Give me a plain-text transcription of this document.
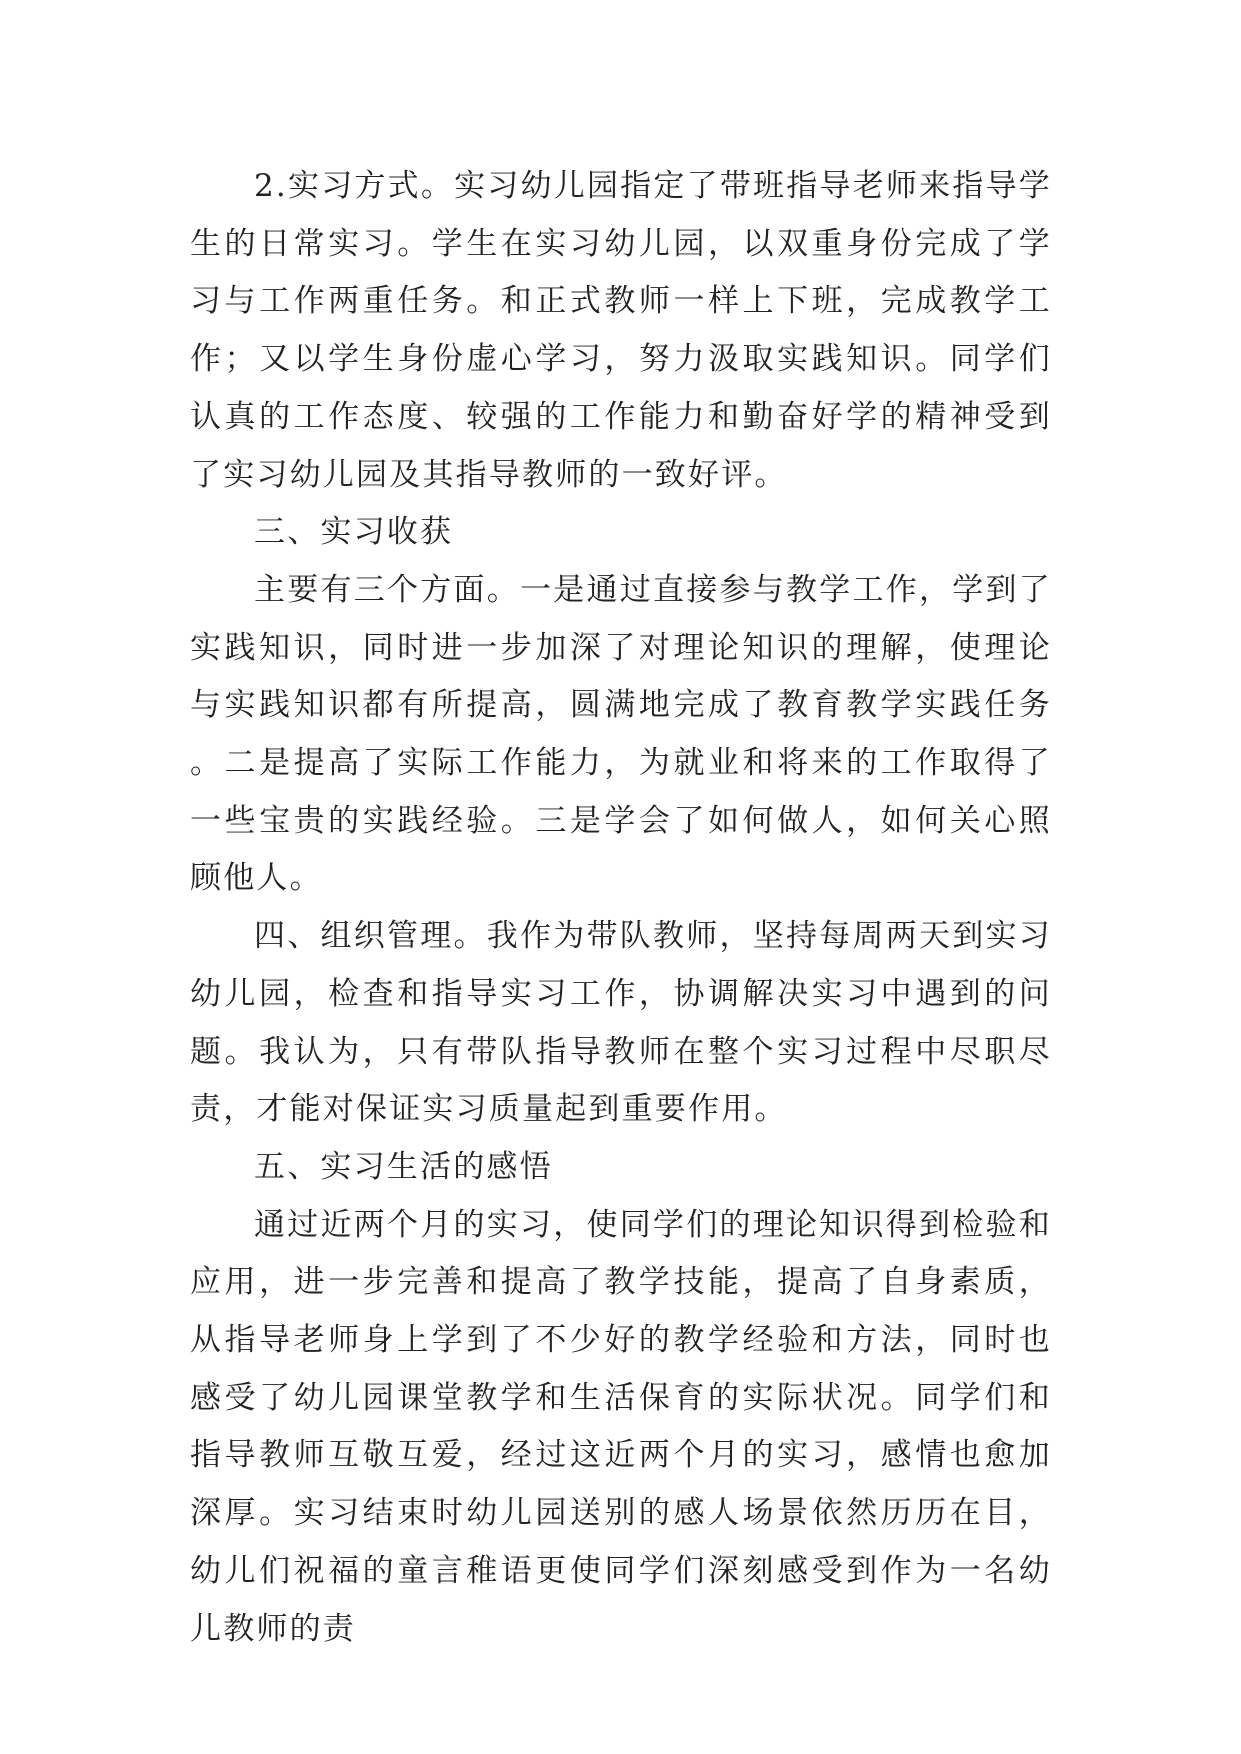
2.实习方式。实习幼儿园指定了带班指导老师来指导学生的日常实习。学生在实习幼儿园，以双重身份完成了学习与工作两重任务。和正式教师一样上下班，完成教学工作；又以学生身份虚心学习，努力汲取实践知识。同学们认真的工作态度、较强的工作能力和勤奋好学的精神受到了实习幼儿园及其指导教师的一致好评。

三、实习收获

主要有三个方面。一是通过直接参与教学工作，学到了实践知识，同时进一步加深了对理论知识的理解，使理论与实践知识都有所提高，圆满地完成了教育教学实践任务。二是提高了实际工作能力，为就业和将来的工作取得了一些宝贵的实践经验。三是学会了如何做人，如何关心照顾他人。

四、组织管理。我作为带队教师，坚持每周两天到实习幼儿园，检查和指导实习工作，协调解决实习中遇到的问题。我认为，只有带队指导教师在整个实习过程中尽职尽责，才能对保证实习质量起到重要作用。

五、实习生活的感悟

通过近两个月的实习，使同学们的理论知识得到检验和应用，进一步完善和提高了教学技能，提高了自身素质，从指导老师身上学到了不少好的教学经验和方法，同时也感受了幼儿园课堂教学和生活保育的实际状况。同学们和指导教师互敬互爱，经过这近两个月的实习，感情也愈加深厚。实习结束时幼儿园送别的感人场景依然历历在目，幼儿们祝福的童言稚语更使同学们深刻感受到作为一名幼儿教师的责
